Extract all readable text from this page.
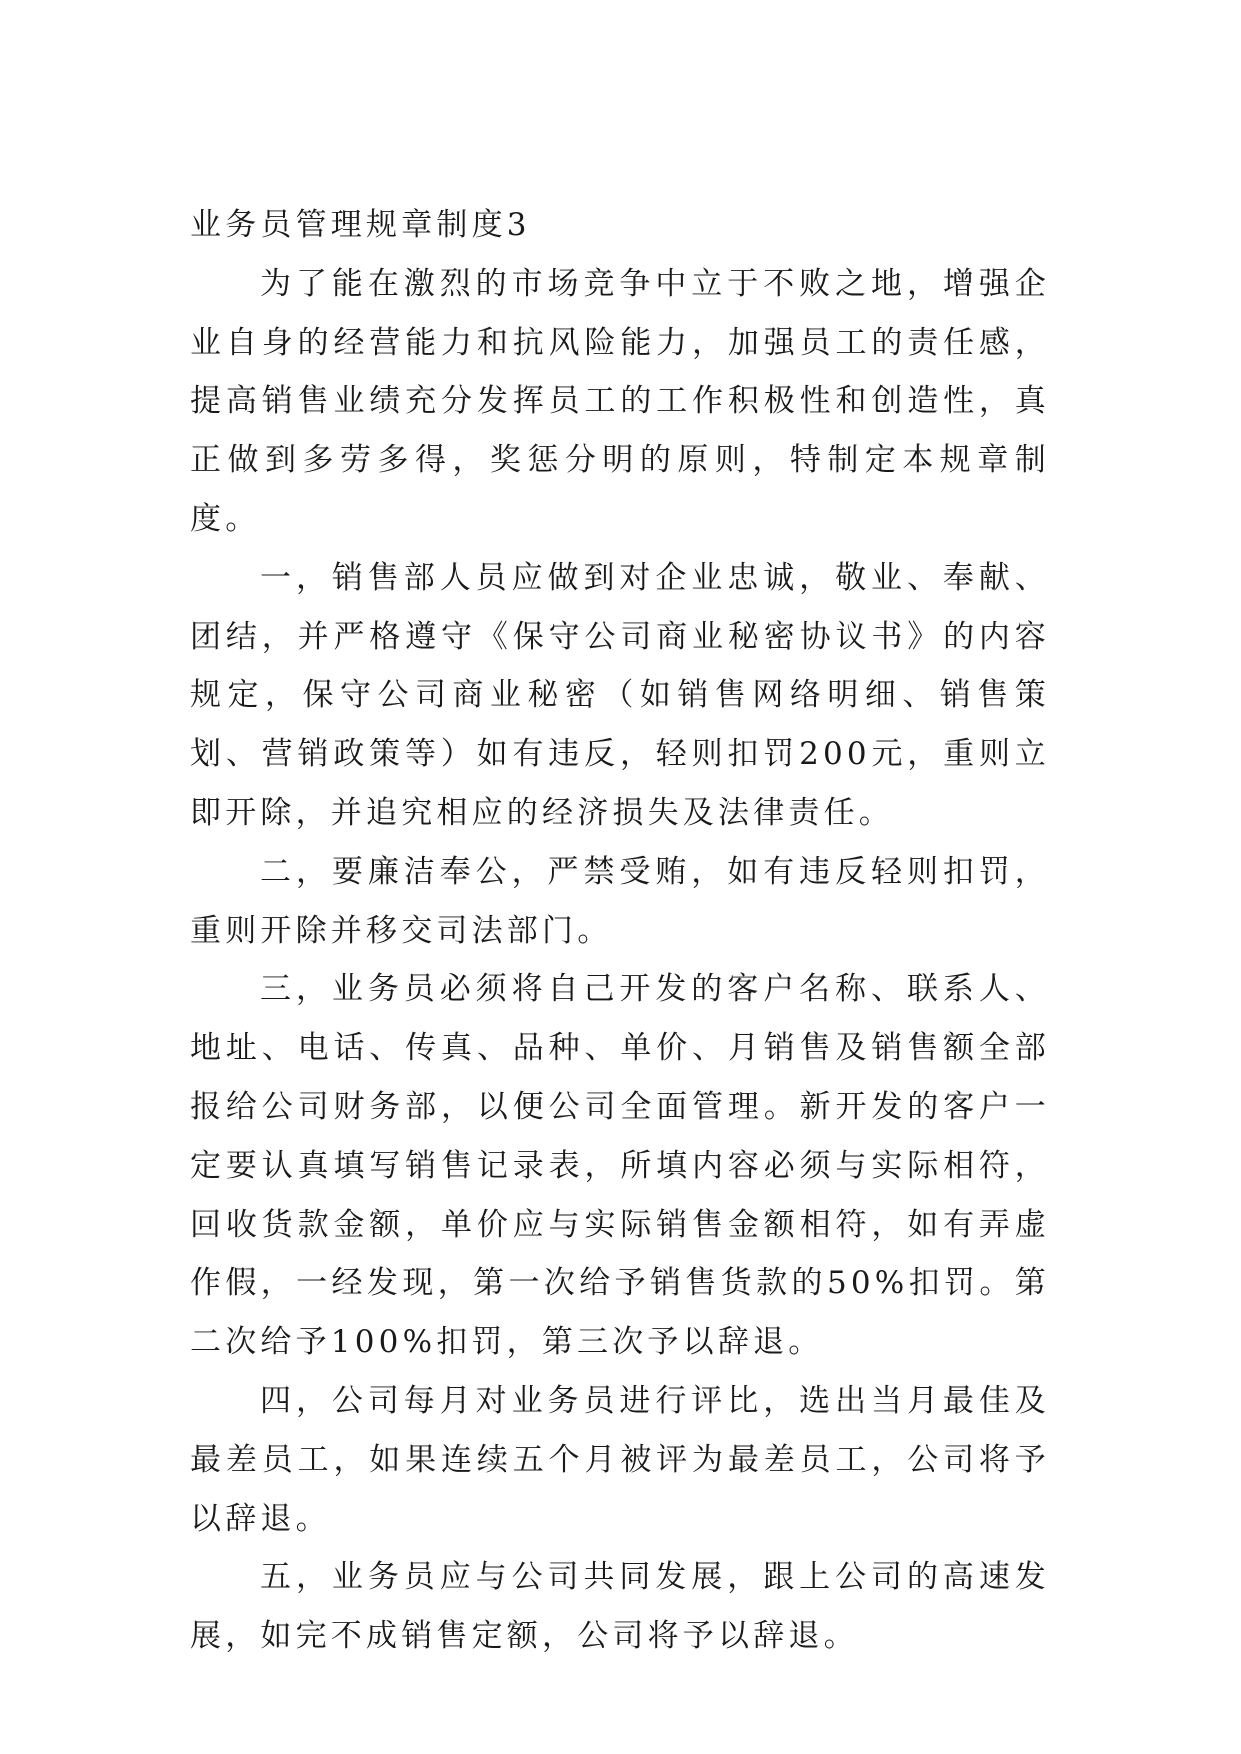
业务员管理规章制度3

为了能在激烈的市场竞争中立于不败之地，增强企业自身的经营能力和抗风险能力，加强员工的责任感，提高销售业绩充分发挥员工的工作积极性和创造性，真正做到多劳多得，奖惩分明的原则，特制定本规章制度。

一，销售部人员应做到对企业忠诚，敬业、奉献、团结，并严格遵守《保守公司商业秘密协议书》的内容规定，保守公司商业秘密（如销售网络明细、销售策划、营销政策等）如有违反，轻则扣罚200元，重则立即开除，并追究相应的经济损失及法律责任。

二，要廉洁奉公，严禁受贿，如有违反轻则扣罚，重则开除并移交司法部门。

三，业务员必须将自己开发的客户名称、联系人、地址、电话、传真、品种、单价、月销售及销售额全部报给公司财务部，以便公司全面管理。新开发的客户一定要认真填写销售记录表，所填内容必须与实际相符，回收货款金额，单价应与实际销售金额相符，如有弄虚作假，一经发现，第一次给予销售货款的50%扣罚。第二次给予100%扣罚，第三次予以辞退。

四，公司每月对业务员进行评比，选出当月最佳及最差员工，如果连续五个月被评为最差员工，公司将予以辞退。

五，业务员应与公司共同发展，跟上公司的高速发展，如完不成销售定额，公司将予以辞退。
